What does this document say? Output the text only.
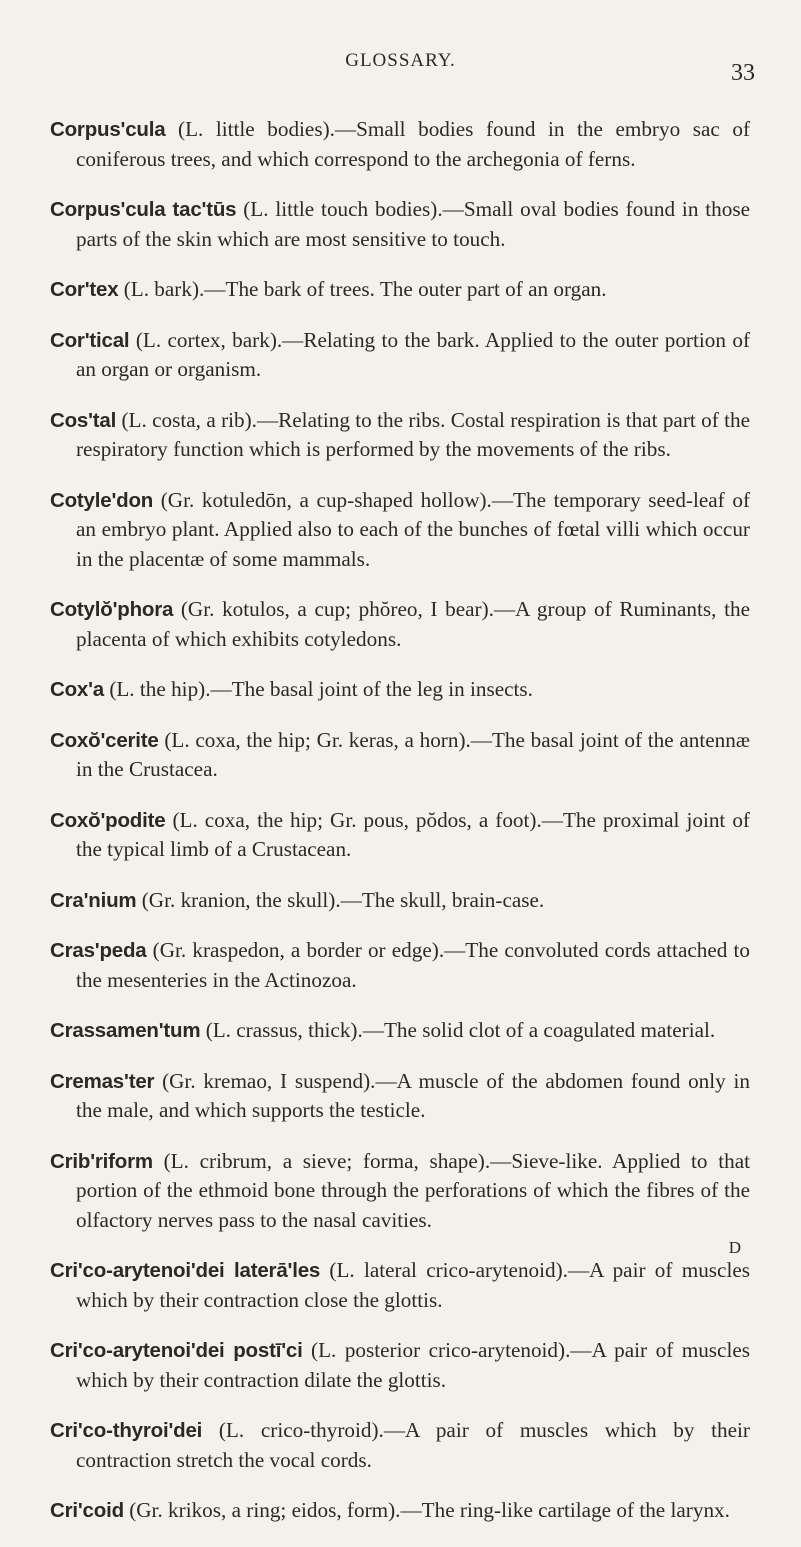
GLOSSARY.	33

Corpus'cula (L. little bodies).—Small bodies found in the embryo sac of coniferous trees, and which correspond to the archegonia of ferns.

Corpus'cula tac'tūs (L. little touch bodies).—Small oval bodies found in those parts of the skin which are most sensitive to touch.

Cor'tex (L. bark).—The bark of trees. The outer part of an organ.

Cor'tical (L. cortex, bark).—Relating to the bark. Applied to the outer portion of an organ or organism.

Cos'tal (L. costa, a rib).—Relating to the ribs. Costal respiration is that part of the respiratory function which is performed by the movements of the ribs.

Cotyle'don (Gr. kotuledōn, a cup-shaped hollow).—The temporary seed-leaf of an embryo plant. Applied also to each of the bunches of fœtal villi which occur in the placentæ of some mammals.

Cotylŏ'phora (Gr. kotulos, a cup; phŏreo, I bear).—A group of Ruminants, the placenta of which exhibits cotyledons.

Cox'a (L. the hip).—The basal joint of the leg in insects.

Coxŏ'cerite (L. coxa, the hip; Gr. keras, a horn).—The basal joint of the antennæ in the Crustacea.

Coxŏ'podite (L. coxa, the hip; Gr. pous, pŏdos, a foot).—The proximal joint of the typical limb of a Crustacean.

Cra'nium (Gr. kranion, the skull).—The skull, brain-case.

Cras'peda (Gr. kraspedon, a border or edge).—The convoluted cords attached to the mesenteries in the Actinozoa.

Crassamen'tum (L. crassus, thick).—The solid clot of a coagulated material.

Cremas'ter (Gr. kremao, I suspend).—A muscle of the abdomen found only in the male, and which supports the testicle.

Crib'riform (L. cribrum, a sieve; forma, shape).—Sieve-like. Applied to that portion of the ethmoid bone through the perforations of which the fibres of the olfactory nerves pass to the nasal cavities.

Cri'co-arytenoi'dei laterā'les (L. lateral crico-arytenoid).—A pair of muscles which by their contraction close the glottis.

Cri'co-arytenoi'dei postī'ci (L. posterior crico-arytenoid).—A pair of muscles which by their contraction dilate the glottis.

Cri'co-thyroi'dei (L. crico-thyroid).—A pair of muscles which by their contraction stretch the vocal cords.

Cri'coid (Gr. krikos, a ring; eidos, form).—The ring-like cartilage of the larynx.

D
